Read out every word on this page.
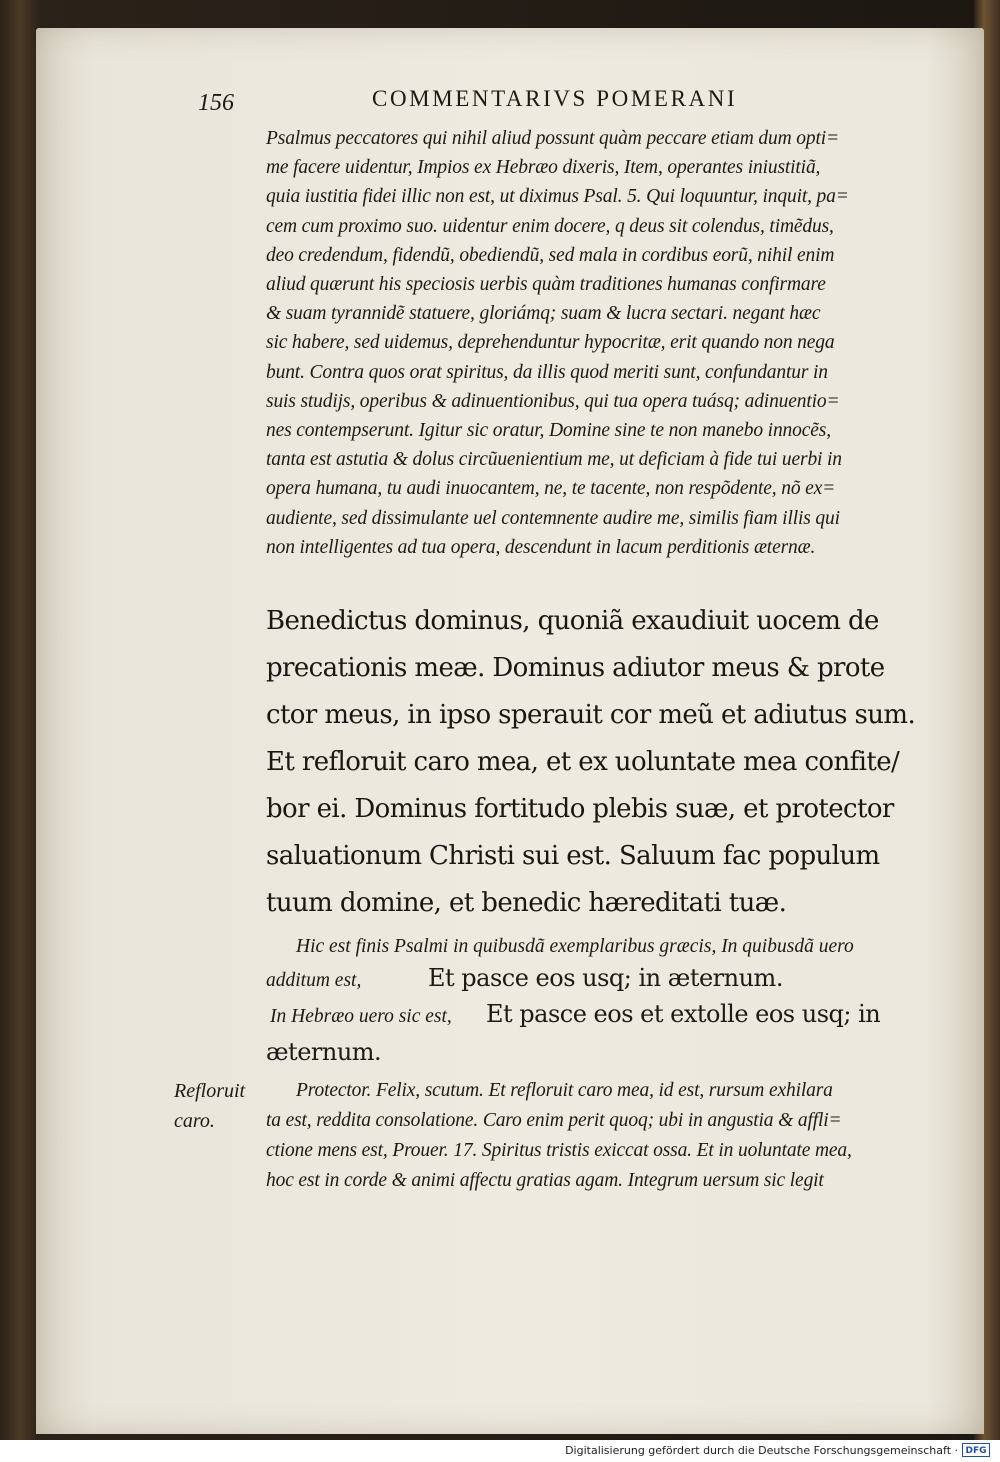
156	COMMENTARIVS POMERANI
Psalmus peccatores qui nihil aliud possunt quàm peccare etiam dum opti=
me facere uidentur, Impios ex Hebræo dixeris, Item, operantes iniustitiã,
quia iustitia fidei illic non est, ut diximus Psal. 5. Qui loquuntur, inquit, pa=
cem cum proximo suo. uidentur enim docere, q deus sit colendus, timẽdus,
deo credendum, fidendũ, obediendũ, sed mala in cordibus eorũ, nihil enim
aliud quærunt his speciosis uerbis quàm traditiones humanas confirmare
& suam tyrannidẽ statuere, gloriámq; suam & lucra sectari. negant hæc
sic habere, sed uidemus, deprehenduntur hypocritæ, erit quando non nega
bunt. Contra quos orat spiritus, da illis quod meriti sunt, confundantur in
suis studijs, operibus & adinuentionibus, qui tua opera tuásq; adinuentio=
nes contempserunt. Igitur sic oratur, Domine sine te non manebo innocẽs,
tanta est astutia & dolus circũuenientium me, ut deficiam à fide tui uerbi in
opera humana, tu audi inuocantem, ne, te tacente, non respõdente, nõ ex=
audiente, sed dissimulante uel contemnente audire me, similis fiam illis qui
non intelligentes ad tua opera, descendunt in lacum perditionis æternæ.
Benedictus dominus, quoniã exaudiuit uocem de
precationis meæ. Dominus adiutor meus & prote
ctor meus, in ipso sperauit cor meũ et adiutus sum.
Et refloruit caro mea, et ex uoluntate mea confite/
bor ei. Dominus fortitudo plebis suæ, et protector
saluationum Christi sui est. Saluum fac populum
tuum domine, et benedic hæreditati tuæ.
Hic est finis Psalmi in quibusdã exemplaribus græcis, In quibusdã uero
additum est,	Et pasce eos usq; in æternum.
In Hebræo uero sic est, Et pasce eos et extolle eos usq; in
æternum.
Refloruit
caro.
Protector. Felix, scutum. Et refloruit caro mea, id est, rursum exhilara
ta est, reddita consolatione. Caro enim perit quoq; ubi in angustia & affli=
ctione mens est, Prouer. 17. Spiritus tristis exiccat ossa. Et in uoluntate mea,
hoc est in corde & animi affectu gratias agam. Integrum uersum sic legit
Digitalisierung gefördert durch die Deutsche Forschungsgemeinschaft · DFG
